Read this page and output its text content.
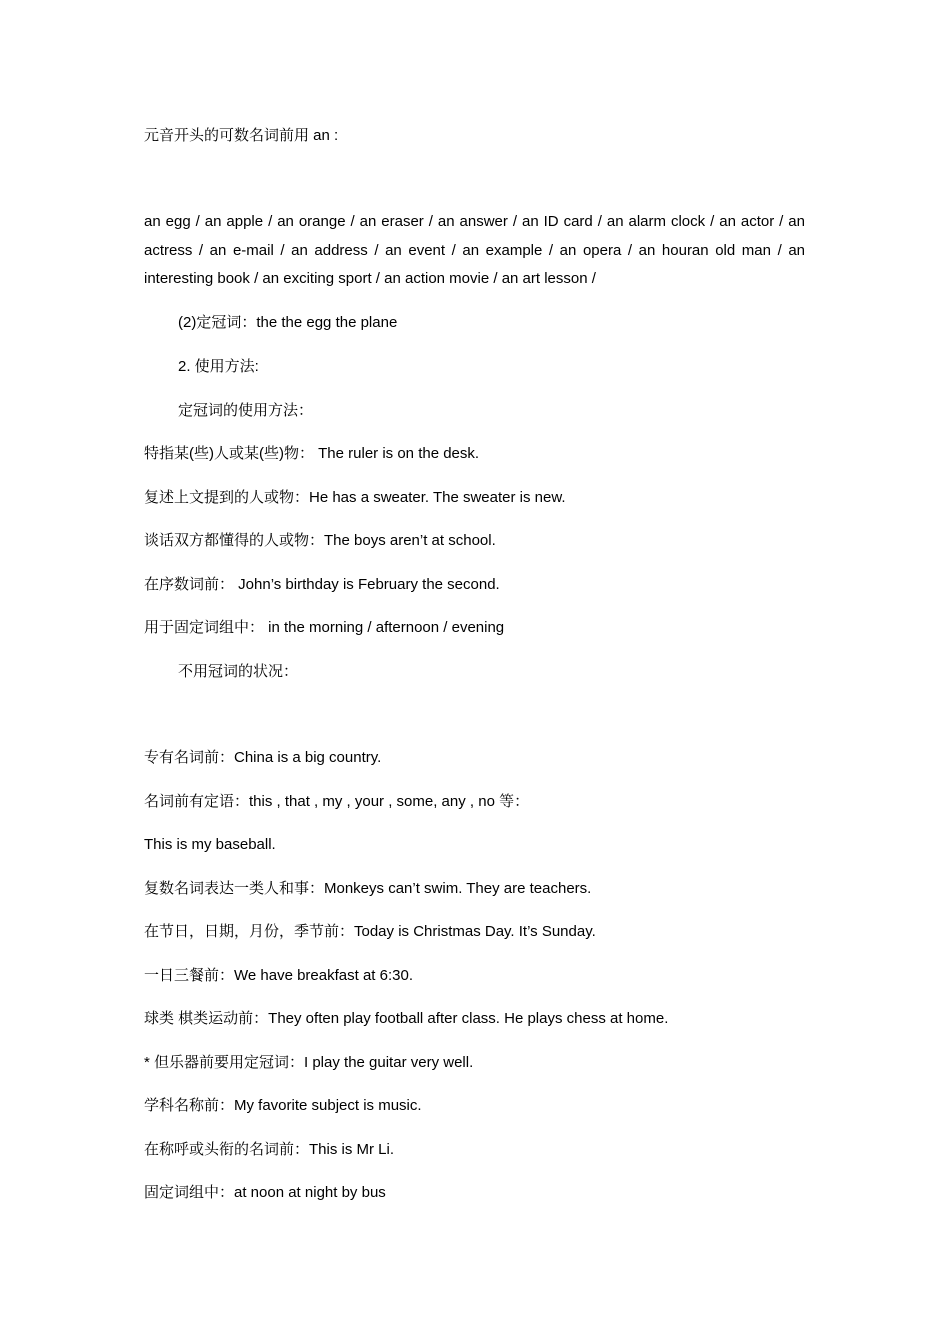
元音开头的可数名词前用 an :
an egg / an apple / an orange / an eraser / an answer / an ID card / an alarm clock / an actor / an actress / an e-mail / an address / an event / an example / an opera / an houran old man / an interesting book / an exciting sport / an action movie / an art lesson /
(2)定冠词：the the egg the plane
2. 使用方法:
定冠词的使用方法：
特指某(些)人或某(些)物： The ruler is on the desk.
复述上文提到的人或物：He has a sweater. The sweater is new.
谈话双方都懂得的人或物：The boys aren’t at school.
在序数词前： John’s birthday is February the second.
用于固定词组中： in the morning / afternoon / evening
不用冠词的状况：
专有名词前：China is a big country.
名词前有定语：this , that , my , your , some, any , no 等：
This is my baseball.
复数名词表达一类人和事：Monkeys can’t swim. They are teachers.
在节日，日期，月份，季节前：Today is Christmas Day. It’s Sunday.
一日三餐前：We have breakfast at 6:30.
球类 棋类运动前：They often play football after class. He plays chess at home.
* 但乐器前要用定冠词：I play the guitar very well.
学科名称前：My favorite subject is music.
在称呼或头衔的名词前：This is Mr Li.
固定词组中：at noon at night by bus
